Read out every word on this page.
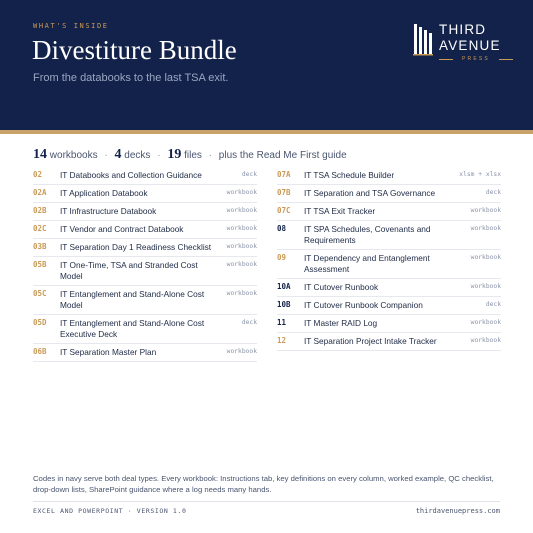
WHAT'S INSIDE
Divestiture Bundle
From the databooks to the last TSA exit.
THIRD
AVENUE
PRESS
14 workbooks · 4 decks · 19 files · plus the Read Me First guide
02 IT Databooks and Collection Guidance	deck
02A IT Application Databook	workbook
02B IT Infrastructure Databook	workbook
02C IT Vendor and Contract Databook	workbook
03B IT Separation Day 1 Readiness Checklist workbook
05B IT One-Time, TSA and Stranded Cost Model
workbook
05C IT Entanglement and Stand-Alone Cost Model
workbook
05D IT Entanglement and Stand-Alone Cost Executive Deck
deck
06B IT Separation Master Plan	workbook
07A IT TSA Schedule Builder	xlsm + xlsx
07B IT Separation and TSA Governance	deck
07C IT TSA Exit Tracker	workbook
08 IT SPA Schedules, Covenants and Requirements
workbook
09 IT Dependency and Entanglement Assessment
workbook
10A IT Cutover Runbook	workbook
10B IT Cutover Runbook Companion	deck
11 IT Master RAID Log	workbook
12 IT Separation Project Intake Tracker	workbook
Codes in navy serve both deal types. Every workbook: Instructions tab, key definitions on every column, worked example, QC checklist, drop-down lists, SharePoint guidance where a log needs many hands.
EXCEL AND POWERPOINT · VERSION 1.0	thirdavenuepress.com
